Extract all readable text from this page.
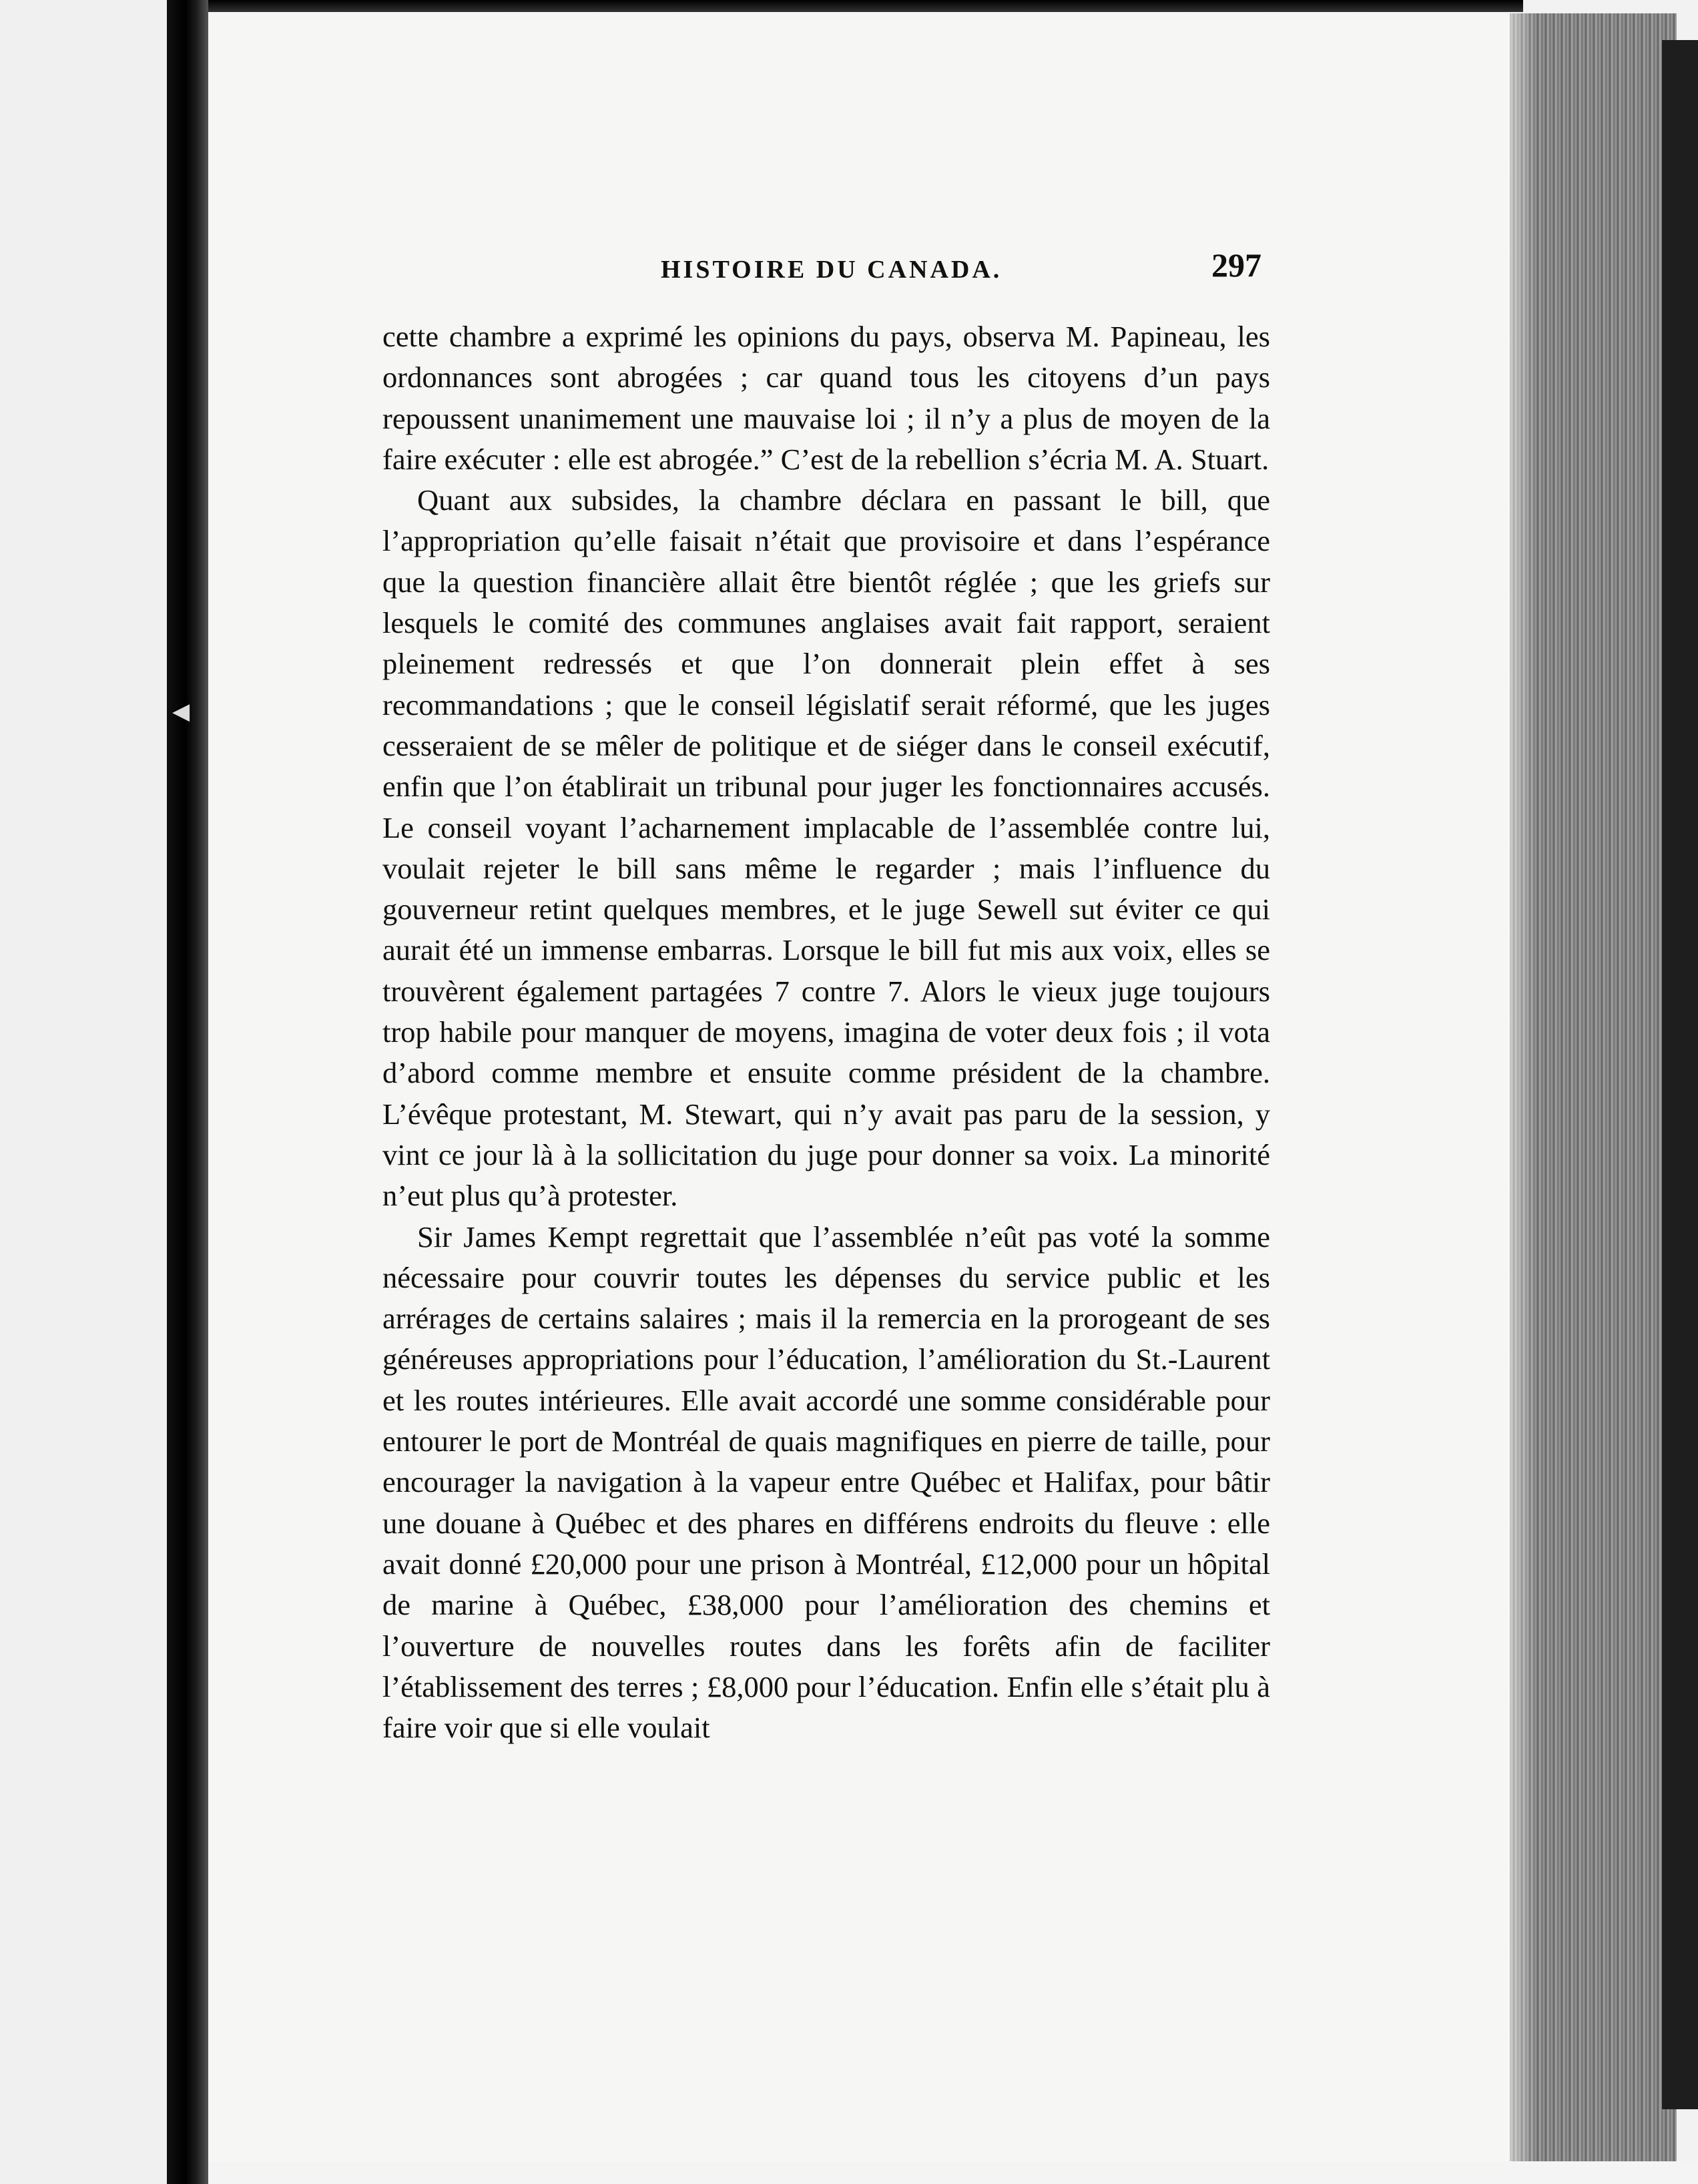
◀
HISTOIRE DU CANADA.	297

cette chambre a exprimé les opinions du pays, observa M. Papineau, les ordonnances sont abrogées ; car quand tous les citoyens d’un pays repoussent unanimement une mauvaise loi ; il n’y a plus de moyen de la faire exécuter : elle est abrogée.” C’est de la rebellion s’écria M. A. Stuart.

Quant aux subsides, la chambre déclara en passant le bill, que l’appropriation qu’elle faisait n’était que provisoire et dans l’espérance que la question financière allait être bientôt réglée ; que les griefs sur lesquels le comité des communes anglaises avait fait rapport, seraient pleinement redressés et que l’on donnerait plein effet à ses recommandations ; que le conseil législatif serait réformé, que les juges cesseraient de se mêler de politique et de siéger dans le conseil exécutif, enfin que l’on établirait un tribunal pour juger les fonctionnaires accusés. Le conseil voyant l’acharnement implacable de l’assemblée contre lui, voulait rejeter le bill sans même le regarder ; mais l’influence du gouverneur retint quelques membres, et le juge Sewell sut éviter ce qui aurait été un immense embarras. Lorsque le bill fut mis aux voix, elles se trouvèrent également partagées 7 contre 7. Alors le vieux juge toujours trop habile pour manquer de moyens, imagina de voter deux fois ; il vota d’abord comme membre et ensuite comme président de la chambre. L’évêque protestant, M. Stewart, qui n’y avait pas paru de la session, y vint ce jour là à la sollicitation du juge pour donner sa voix. La minorité n’eut plus qu’à protester.

Sir James Kempt regrettait que l’assemblée n’eût pas voté la somme nécessaire pour couvrir toutes les dépenses du service public et les arrérages de certains salaires ; mais il la remercia en la prorogeant de ses généreuses appropriations pour l’éducation, l’amélioration du St.-Laurent et les routes intérieures. Elle avait accordé une somme considérable pour entourer le port de Montréal de quais magnifiques en pierre de taille, pour encourager la navigation à la vapeur entre Québec et Halifax, pour bâtir une douane à Québec et des phares en différens endroits du fleuve : elle avait donné £20,000 pour une prison à Montréal, £12,000 pour un hôpital de marine à Québec, £38,000 pour l’amélioration des chemins et l’ouverture de nouvelles routes dans les forêts afin de faciliter l’établissement des terres ; £8,000 pour l’éducation. Enfin elle s’était plu à faire voir que si elle voulait
